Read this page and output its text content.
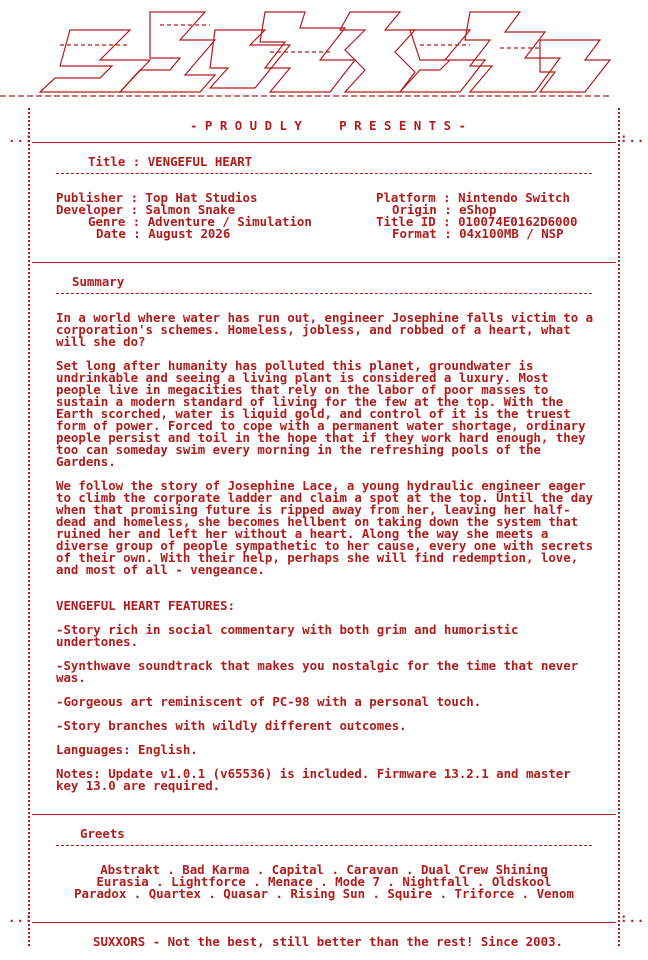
..:	:..
..:	:..
- P R O U D L Y     P R E S E N T S -
Title : VENGEFUL HEART
Publisher : Top Hat Studios
Developer : Salmon Snake
Genre : Adventure / Simulation
Date : August 2026
Platform : Nintendo Switch
Origin : eShop
Title ID : 010074E0162D6000
Format : 04x100MB / NSP
Summary
In a world where water has run out, engineer Josephine falls victim to a corporation's schemes. Homeless, jobless, and robbed of a heart, what will she do?
Set long after humanity has polluted this planet, groundwater is undrinkable and seeing a living plant is considered a luxury. Most people live in megacities that rely on the labor of poor masses to sustain a modern standard of living for the few at the top. With the Earth scorched, water is liquid gold, and control of it is the truest form of power. Forced to cope with a permanent water shortage, ordinary people persist and toil in the hope that if they work hard enough, they too can someday swim every morning in the refreshing pools of the Gardens.
We follow the story of Josephine Lace, a young hydraulic engineer eager to climb the corporate ladder and claim a spot at the top. Until the day when that promising future is ripped away from her, leaving her half-dead and homeless, she becomes hellbent on taking down the system that ruined her and left her without a heart. Along the way she meets a diverse group of people sympathetic to her cause, every one with secrets of their own. With their help, perhaps she will find redemption, love, and most of all - vengeance.
VENGEFUL HEART FEATURES:
-Story rich in social commentary with both grim and humoristic undertones.
-Synthwave soundtrack that makes you nostalgic for the time that never was.
-Gorgeous art reminiscent of PC-98 with a personal touch.
-Story branches with wildly different outcomes.
Languages: English.
Notes: Update v1.0.1 (v65536) is included. Firmware 13.2.1 and master key 13.0 are required.
Greets
Abstrakt . Bad Karma . Capital . Caravan . Dual Crew Shining
Eurasia . Lightforce . Menace . Mode 7 . Nightfall . Oldskool
Paradox . Quartex . Quasar . Rising Sun . Squire . Triforce . Venom
SUXXORS - Not the best, still better than the rest! Since 2003.
